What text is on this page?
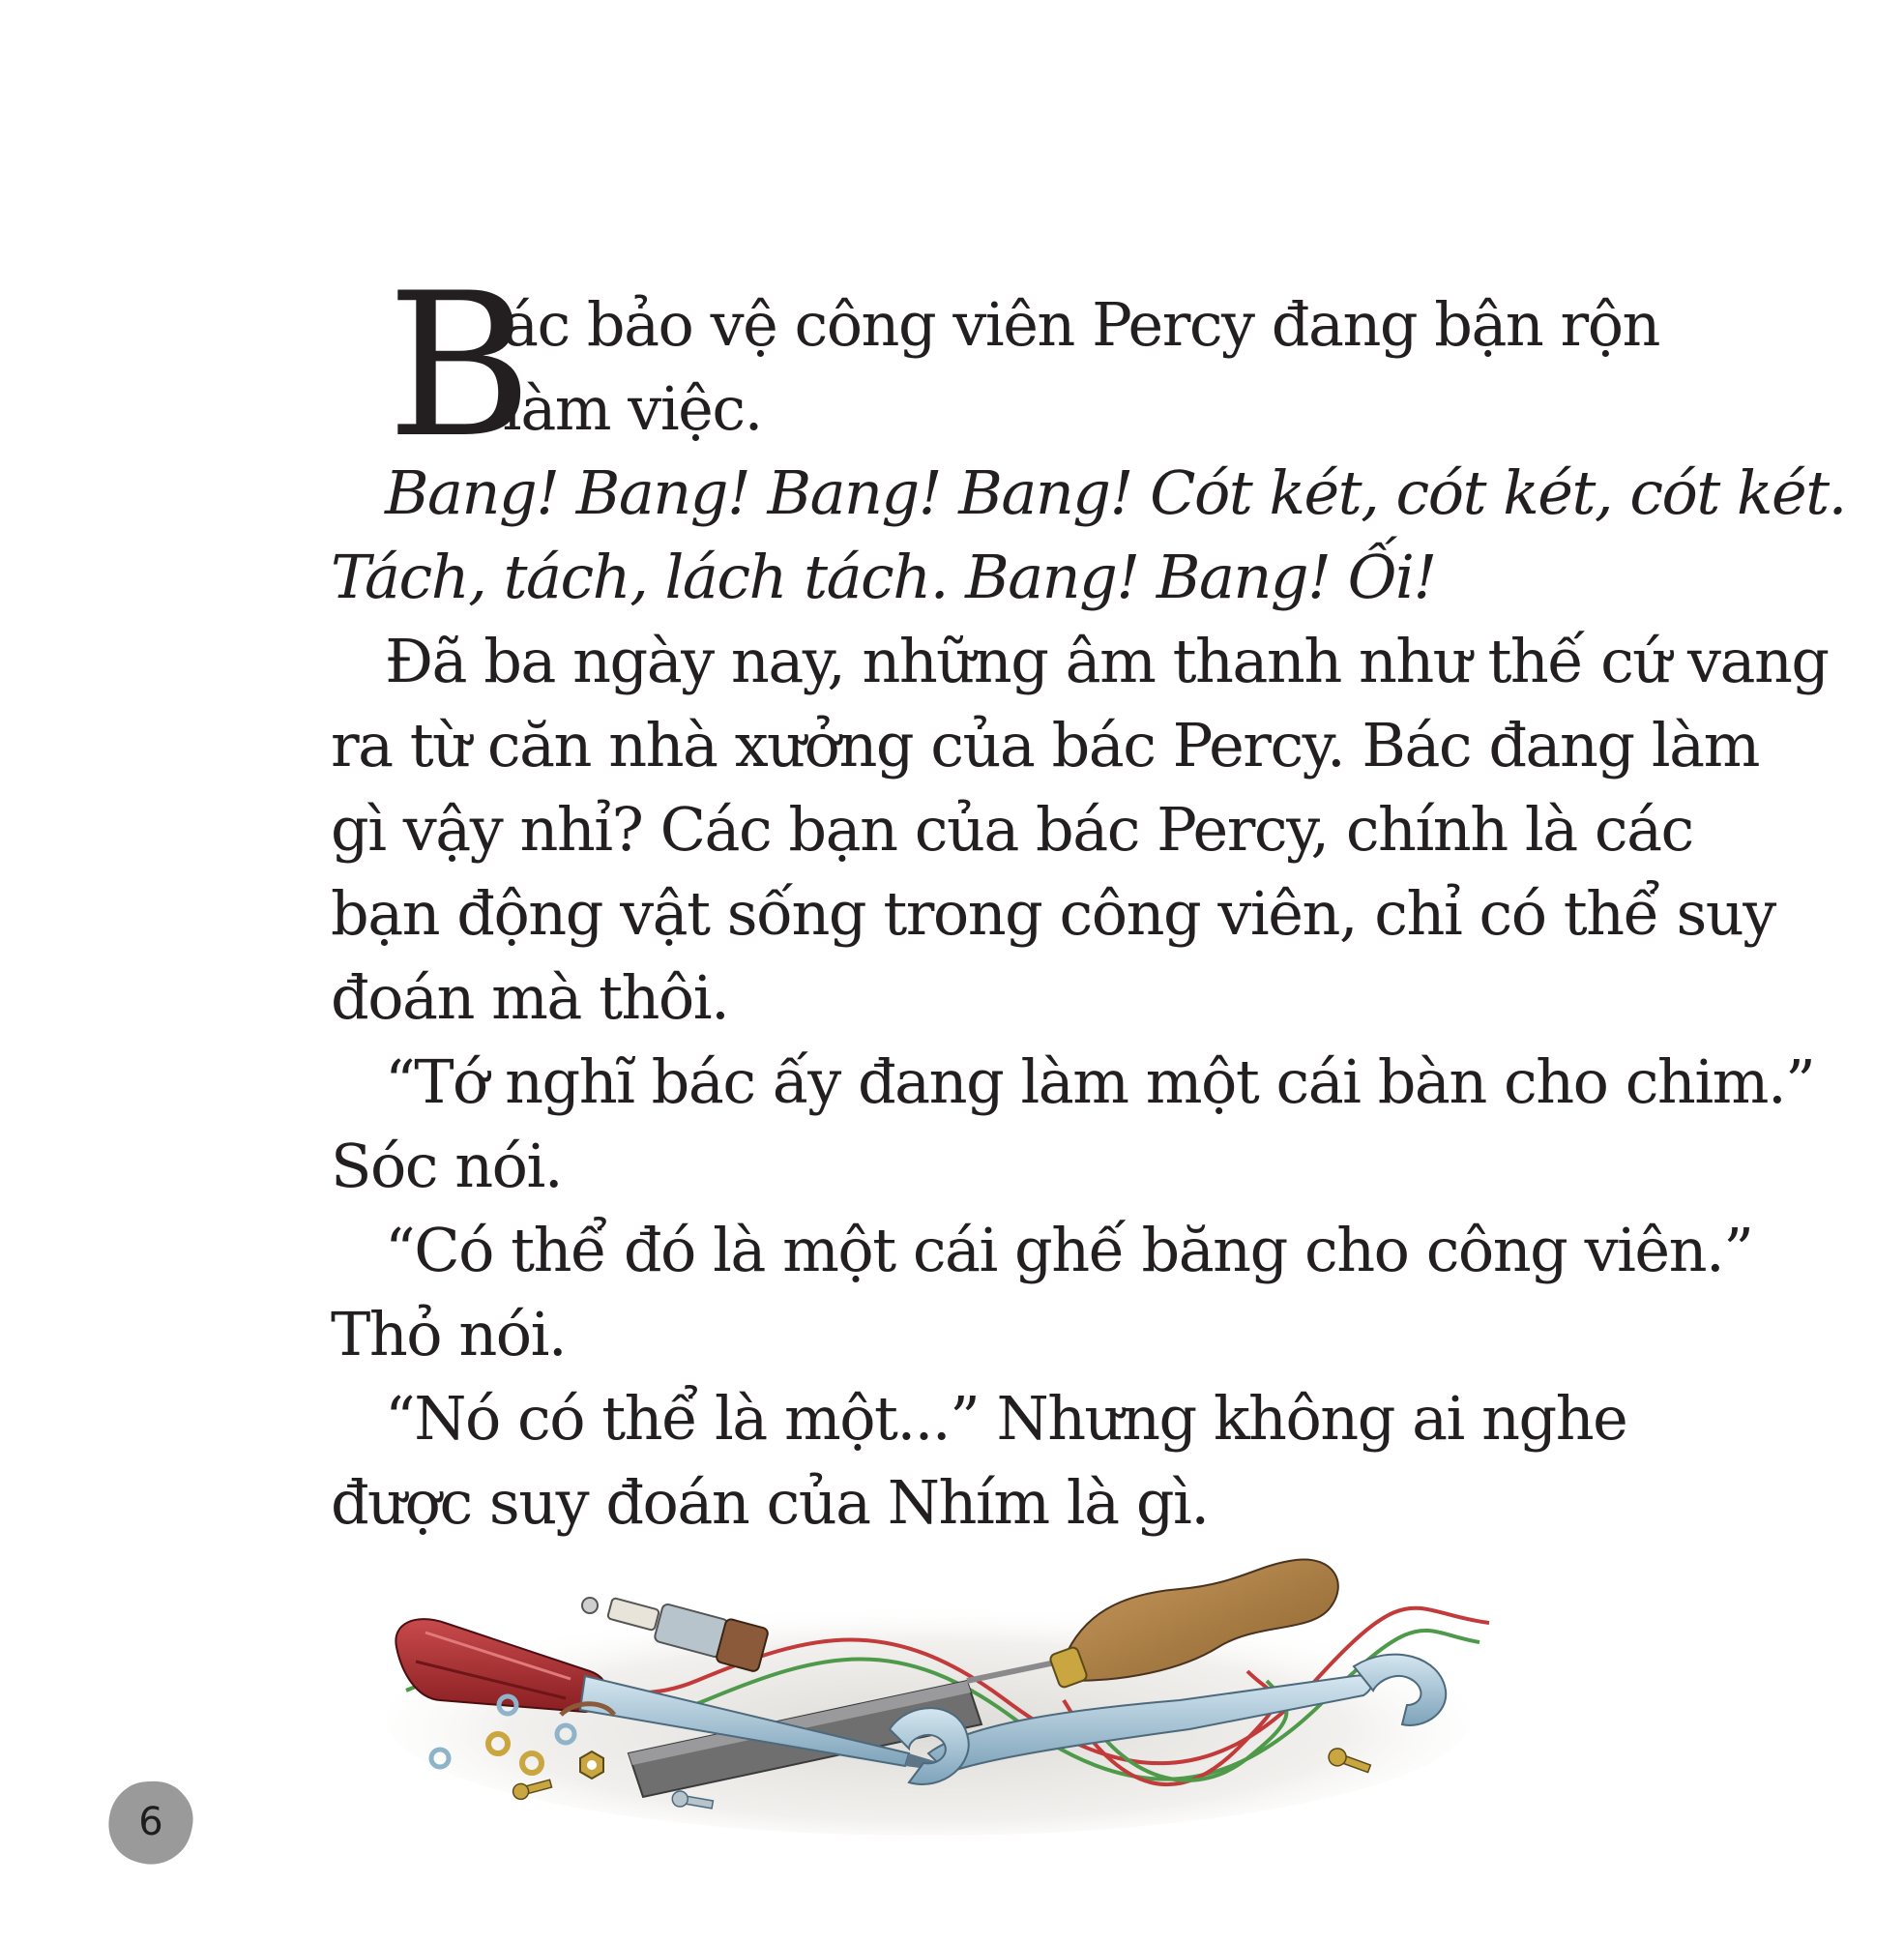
B
ác bảo vệ công viên Percy đang bận rộn
làm việc.
Bang! Bang! Bang! Bang! Cót két, cót két, cót két.
Tách, tách, lách tách. Bang! Bang! Ối!
Đã ba ngày nay, những âm thanh như thế cứ vang
ra từ căn nhà xưởng của bác Percy. Bác đang làm
gì vậy nhỉ? Các bạn của bác Percy, chính là các
bạn động vật sống trong công viên, chỉ có thể suy
đoán mà thôi.
“Tớ nghĩ bác ấy đang làm một cái bàn cho chim.”
Sóc nói.
“Có thể đó là một cái ghế băng cho công viên.”
Thỏ nói.
“Nó có thể là một...” Nhưng không ai nghe
được suy đoán của Nhím là gì.
6
